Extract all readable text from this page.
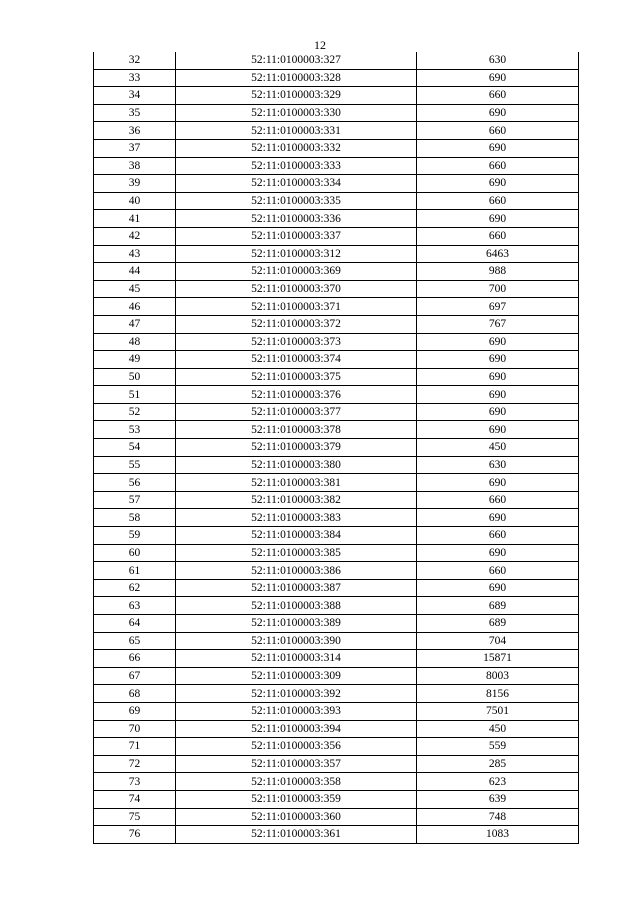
12
32	52:11:0100003:327	630
33	52:11:0100003:328	690
34	52:11:0100003:329	660
35	52:11:0100003:330	690
36	52:11:0100003:331	660
37	52:11:0100003:332	690
38	52:11:0100003:333	660
39	52:11:0100003:334	690
40	52:11:0100003:335	660
41	52:11:0100003:336	690
42	52:11:0100003:337	660
43	52:11:0100003:312	6463
44	52:11:0100003:369	988
45	52:11:0100003:370	700
46	52:11:0100003:371	697
47	52:11:0100003:372	767
48	52:11:0100003:373	690
49	52:11:0100003:374	690
50	52:11:0100003:375	690
51	52:11:0100003:376	690
52	52:11:0100003:377	690
53	52:11:0100003:378	690
54	52:11:0100003:379	450
55	52:11:0100003:380	630
56	52:11:0100003:381	690
57	52:11:0100003:382	660
58	52:11:0100003:383	690
59	52:11:0100003:384	660
60	52:11:0100003:385	690
61	52:11:0100003:386	660
62	52:11:0100003:387	690
63	52:11:0100003:388	689
64	52:11:0100003:389	689
65	52:11:0100003:390	704
66	52:11:0100003:314	15871
67	52:11:0100003:309	8003
68	52:11:0100003:392	8156
69	52:11:0100003:393	7501
70	52:11:0100003:394	450
71	52:11:0100003:356	559
72	52:11:0100003:357	285
73	52:11:0100003:358	623
74	52:11:0100003:359	639
75	52:11:0100003:360	748
76	52:11:0100003:361	1083
